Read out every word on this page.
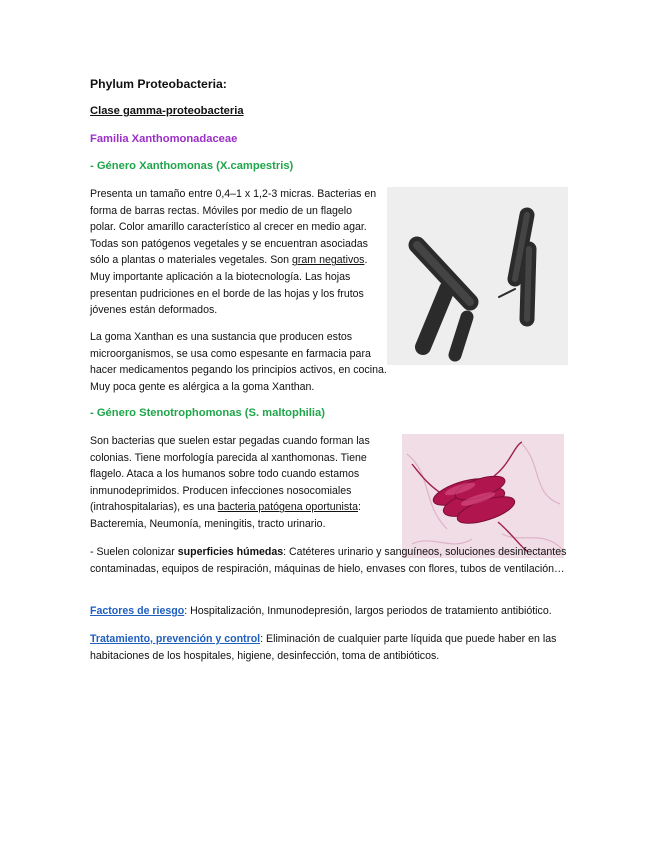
Phylum Proteobacteria:
Clase gamma-proteobacteria
Familia Xanthomonadaceae
- Género Xanthomonas (X.campestris)
Presenta un tamaño entre 0,4–1 x 1,2-3 micras. Bacterias en forma de barras rectas. Móviles por medio de un flagelo polar. Color amarillo característico al crecer en medio agar. Todas son patógenos vegetales y se encuentran asociadas sólo a plantas o materiales vegetales. Son gram negativos. Muy importante aplicación a la biotecnología. Las hojas presentan pudriciones en el borde de las hojas y los frutos jóvenes están deformados.
La goma Xanthan es una sustancia que producen estos microorganismos, se usa como espesante en farmacia para hacer medicamentos pegando los principios activos, en cocina. Muy poca gente es alérgica a la goma Xanthan.
- Género Stenotrophomonas (S. maltophilia)
Son bacterias que suelen estar pegadas cuando forman las colonias. Tiene morfología parecida al xanthomonas. Tiene flagelo. Ataca a los humanos sobre todo cuando estamos inmunodeprimidos. Producen infecciones nosocomiales (intrahospitalarias), es una bacteria patógena oportunista: Bacteremia, Neumonía, meningitis, tracto urinario.
- Suelen colonizar superficies húmedas: Catéteres urinario y sanguíneos, soluciones desinfectantes contaminadas, equipos de respiración, máquinas de hielo, envases con flores, tubos de ventilación…
Factores de riesgo: Hospitalización, Inmunodepresión, largos periodos de tratamiento antibiótico.
Tratamiento, prevención y control: Eliminación de cualquier parte líquida que puede haber en las habitaciones de los hospitales, higiene, desinfección, toma de antibióticos.
